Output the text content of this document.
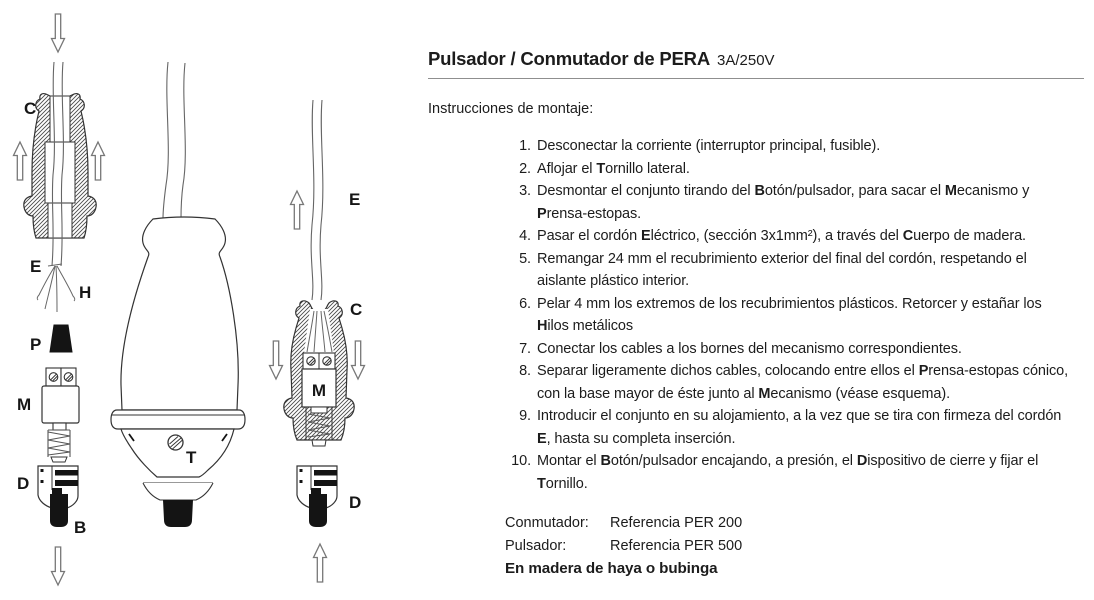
C
E
H
P
M
D
B
T
E
C
M
D
Pulsador / Conmutador de PERA 3A/250V
Instrucciones de montaje:
1. Desconectar la corriente (interruptor principal, fusible).
2. Aflojar el Tornillo lateral.
3. Desmontar el conjunto tirando del Botón/pulsador, para sacar el Mecanismo y Prensa-estopas.
4. Pasar el cordón Eléctrico, (sección 3x1mm²), a través del Cuerpo de madera.
5. Remangar 24 mm el recubrimiento exterior del final del cordón, respetando el aislante plástico interior.
6. Pelar 4 mm los extremos de los recubrimientos plásticos. Retorcer y estañar los Hilos metálicos
7. Conectar los cables a los bornes del mecanismo correspondientes.
8. Separar ligeramente dichos cables, colocando entre ellos el Prensa-estopas cónico, con la base mayor de éste junto al Mecanismo (véase esquema).
9. Introducir el conjunto en su alojamiento, a la vez que se tira con firmeza del cordón E, hasta su completa inserción.
10. Montar el Botón/pulsador encajando, a presión, el Dispositivo de cierre y fijar el Tornillo.
Conmutador:	Referencia PER 200
Pulsador:	Referencia PER 500
En madera de haya o bubinga
